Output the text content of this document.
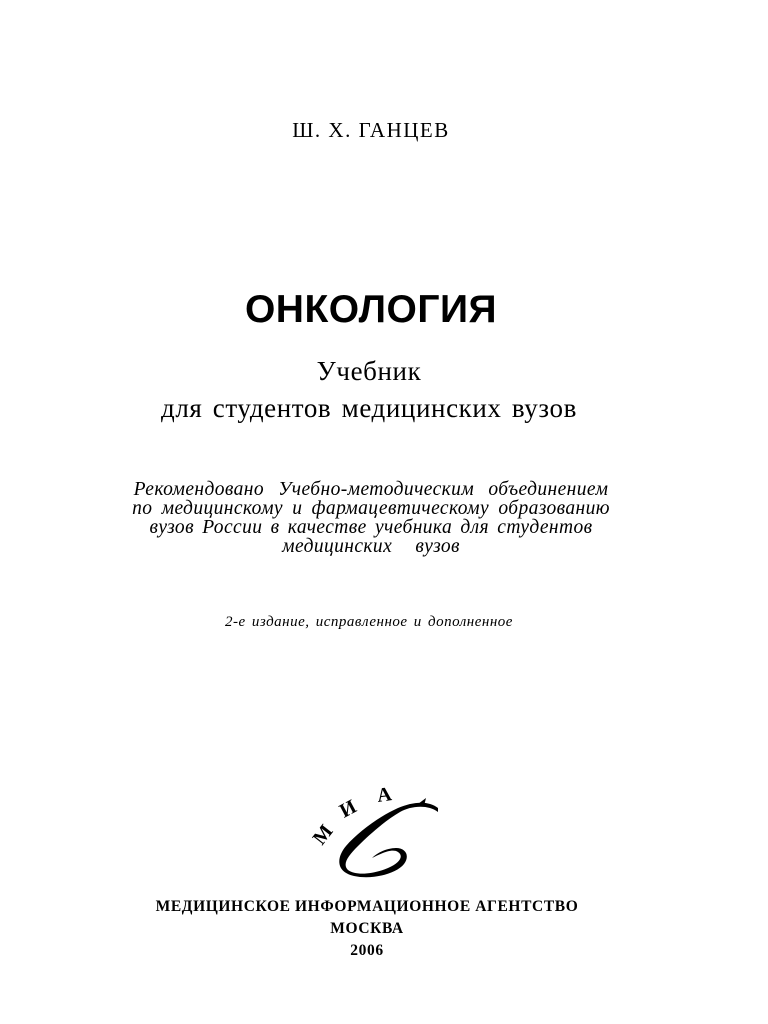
Ш. Х. ГАНЦЕВ
ОНКОЛОГИЯ
Учебник
для студентов медицинских вузов
Рекомендовано Учебно-методическим объединением
по медицинскому и фармацевтическому образованию
вузов России в качестве учебника для студентов
медицинских вузов
2-е издание, исправленное и дополненное
М
И
А
МЕДИЦИНСКОЕ ИНФОРМАЦИОННОЕ АГЕНТСТВО
МОСКВА
2006
